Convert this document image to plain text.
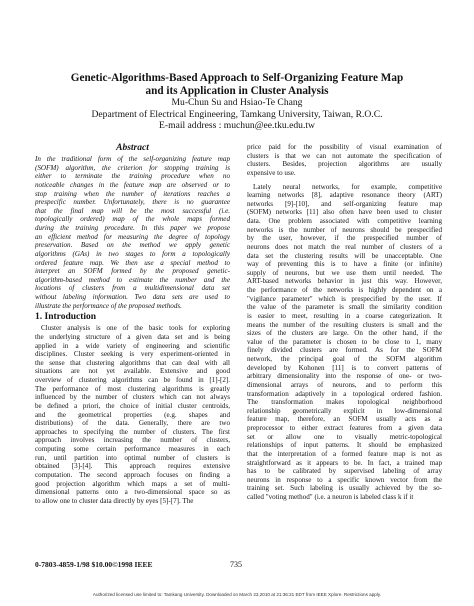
Genetic-Algorithms-Based Approach to Self-Organizing Feature Map
and its Application in Cluster Analysis
Mu-Chun Su and Hsiao-Te Chang
Department of Electrical Engineering, Tamkang University, Taiwan, R.O.C.
E-mail address : muchun@ee.tku.edu.tw
Abstract
In the traditional form of the self-organizing feature map
(SOFM) algorithm, the criterion for stopping training is
either to terminate the training procedure when no
noticeable changes in the feature map are observed or to
stop training when the number of iterations reaches a
prespecific number. Unfortunately, there is no guarantee
that the final map will be the most successful (i.e.
topologically ordered) map of the whole maps formed
during the training procedure. In this paper we propose
an efficient method for measuring the degree of topology
preservation. Based on the method we apply genetic
algorithms (GAs) in two stages to form a topologically
ordered feature map. We then use a special method to
interpret an SOFM formed by the proposed genetic-
algorithm-based method to estimate the number and the
locations of clusters from a multidimensional data set
without labeling information. Two data sets are used to
illustrate the performance of the proposed methods.
1. Introduction
Cluster analysis is one of the basic tools for exploring
the underlying structure of a given data set and is being
applied in a wide variety of engineering and scientific
disciplines. Cluster seeking is very experiment-oriented in
the sense that clustering algorithms that can deal with all
situations are not yet available. Extensive and good
overview of clustering algorithms can be found in [1]-[2].
The performance of most clustering algorithms is greatly
influenced by the number of clusters which can not always
be defined a priori, the choice of initial cluster centroids,
and the geometrical properties (e.g. shapes and
distributions) of the data. Generally, there are two
approaches to specifying the number of clusters. The first
approach involves increasing the number of clusters,
computing some certain performance measures in each
run, until partition into optimal number of clusters is
obtained [3]-[4]. This approach requires extensive
computation. The second approach focuses on finding a
good projection algorithm which maps a set of multi-
dimensional patterns onto a two-dimensional space so as
to allow one to cluster data directly by eyes [5]-[7]. The
price paid for the possibility of visual examination of
clusters is that we can not automate the specification of
clusters. Besides, projection algorithms are usually
expensive to use.
Lately neural networks, for example, competitive
learning networks [8], adaptive resonance theory (ART)
networks [9]-[10], and self-organizing feature map
(SOFM) networks [11] also often have been used to cluster
data. One problem associated with competitive learning
networks is the number of neurons should be prespecified
by the user, however, if the prespecified number of
neurons does not match the real number of clusters of a
data set the clustering results will be unacceptable. One
way of preventing this is to have a finite (or infinite)
supply of neurons, but we use them until needed. The
ART-based networks behavior in just this way. However,
the performance of the networks is highly dependent on a
"vigilance parameter" which is prespecified by the user. If
the value of the parameter is small the similarity condition
is easier to meet, resulting in a coarse categorization. It
means the number of the resulting clusters is small and the
sizes of the clusters are large. On the other hand, if the
value of the parameter is chosen to be close to 1, many
finely divided clusters are formed. As for the SOFM
network, the principal goal of the SOFM algorithm
developed by Kohonen [11] is to convert patterns of
arbitrary dimensionality into the response of one- or two-
dimensional arrays of neurons, and to perform this
transformation adaptively in a topological ordered fashion.
The transformation makes topological neighborhood
relationship geometrically explicit in low-dimensional
feature map, therefore, an SOFM usually acts as a
preprocessor to either extract features from a given data
set or allow one to visually metric-topological
relationships of input patterns. It should be emphasized
that the interpretation of a formed feature map is not as
straightforward as it appears to be. In fact, a trained map
has to be calibrated by supervised labeling of array
neurons in response to a specific known vector from the
training set. Such labeling is usually achieved by the so-
called "voting method" (i.e. a neuron is labeled class k if it
0-7803-4859-1/98 $10.00©1998 IEEE	735
Authorized licensed use limited to: Tamkang University. Downloaded on March 23,2010 at 21:36:21 EDT from IEEE Xplore. Restrictions apply.
